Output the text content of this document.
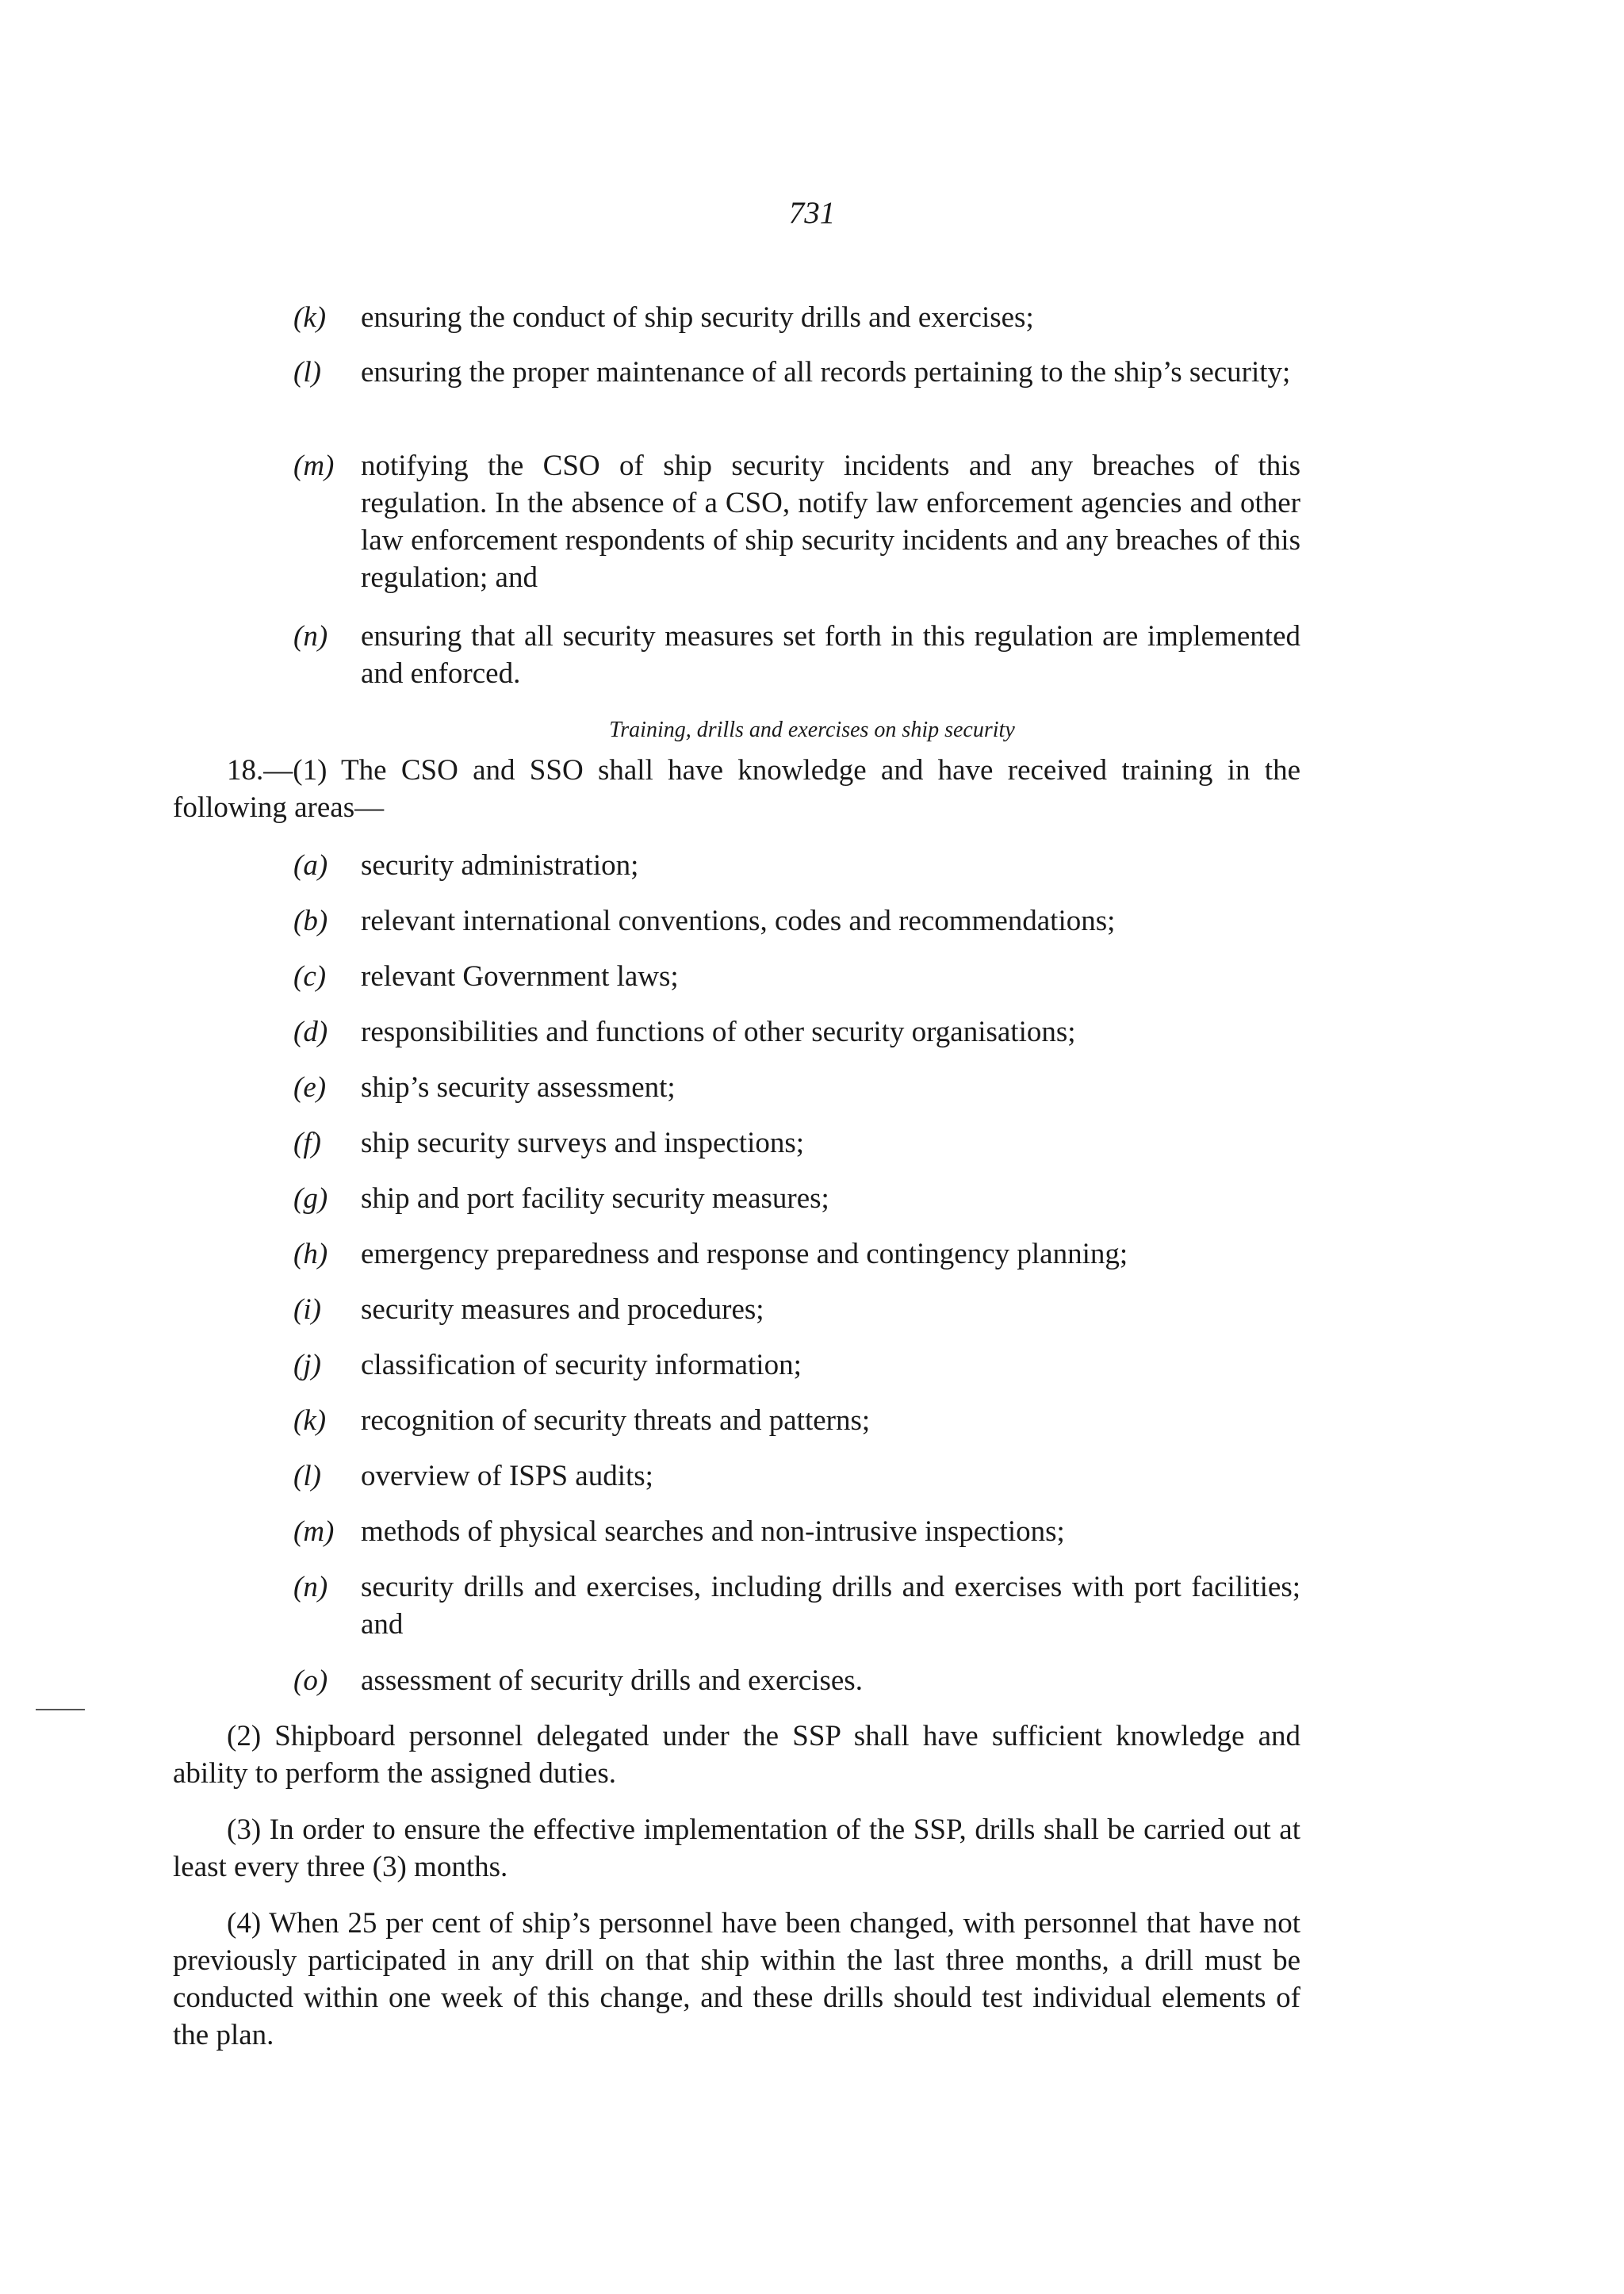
731
(k)	ensuring the conduct of ship security drills and exercises;
(l)	ensuring the proper maintenance of all records pertaining to the ship’s security;
(m) notifying the CSO of ship security incidents and any breaches of this regulation. In the absence of a CSO, notify law enforcement agencies and other law enforcement respondents of ship security incidents and any breaches of this regulation; and
(n)	ensuring that all security measures set forth in this regulation are implemented and enforced.
Training, drills and exercises on ship security
18.—(1) The CSO and SSO shall have knowledge and have received training in the following areas—
(a)	security administration;
(b)	relevant international conventions, codes and recommendations;
(c)	relevant Government laws;
(d)	responsibilities and functions of other security organisations;
(e)	ship’s security assessment;
(f)	ship security surveys and inspections;
(g)	ship and port facility security measures;
(h)	emergency preparedness and response and contingency planning;
(i)	security measures and procedures;
(j)	classification of security information;
(k)	recognition of security threats and patterns;
(l)	overview of ISPS audits;
(m) methods of physical searches and non-intrusive inspections;
(n)	security drills and exercises, including drills and exercises with port facilities; and
(o)	assessment of security drills and exercises.
(2) Shipboard personnel delegated under the SSP shall have sufficient knowledge and ability to perform the assigned duties.
(3) In order to ensure the effective implementation of the SSP, drills shall be carried out at least every three (3) months.
(4) When 25 per cent of ship’s personnel have been changed, with personnel that have not previously participated in any drill on that ship within the last three months, a drill must be conducted within one week of this change, and these drills should test individual elements of the plan.
